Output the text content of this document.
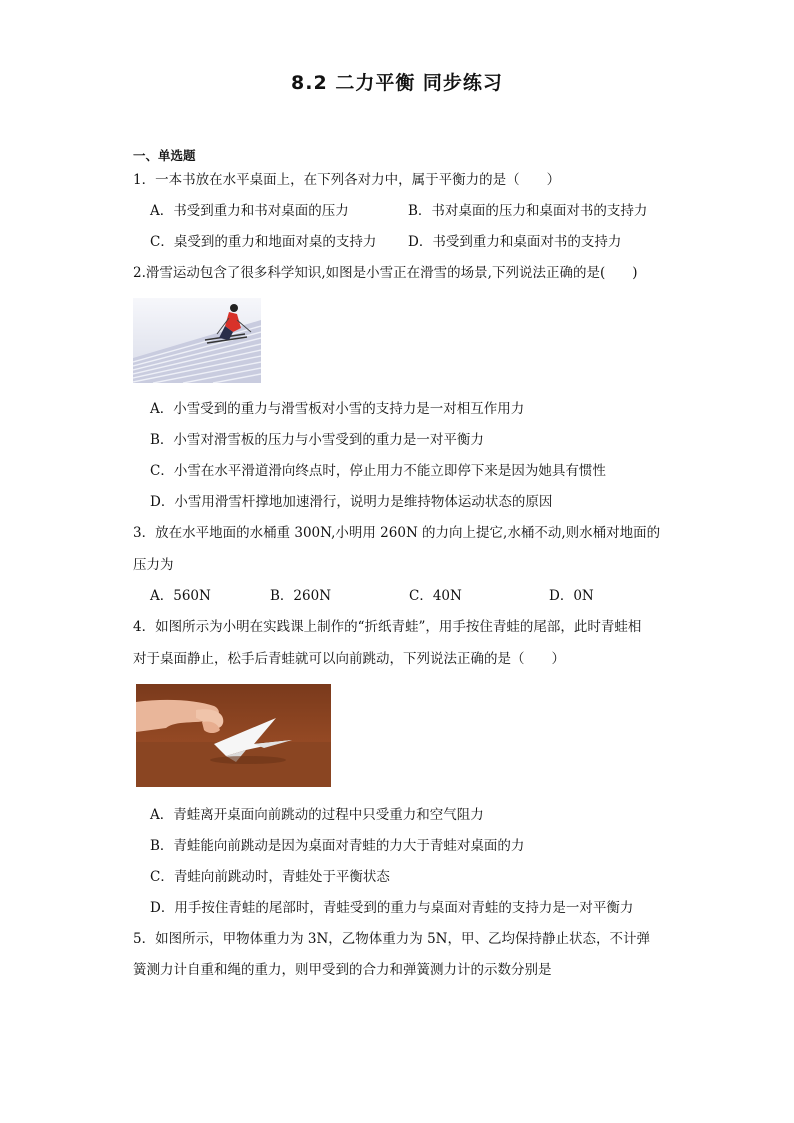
8.2 二力平衡 同步练习
一、单选题
1．一本书放在水平桌面上，在下列各对力中，属于平衡力的是（　　）
A．书受到重力和书对桌面的压力	B．书对桌面的压力和桌面对书的支持力
C．桌受到的重力和地面对桌的支持力 D．书受到重力和桌面对书的支持力
2.滑雪运动包含了很多科学知识,如图是小雪正在滑雪的场景,下列说法正确的是(　　)
A．小雪受到的重力与滑雪板对小雪的支持力是一对相互作用力
B．小雪对滑雪板的压力与小雪受到的重力是一对平衡力
C．小雪在水平滑道滑向终点时，停止用力不能立即停下来是因为她具有惯性
D．小雪用滑雪杆撑地加速滑行，说明力是维持物体运动状态的原因
3．放在水平地面的水桶重 300N,小明用 260N 的力向上提它,水桶不动,则水桶对地面的
压力为
A．560N	B．260N	C．40N	D．0N
4．如图所示为小明在实践课上制作的“折纸青蛙”，用手按住青蛙的尾部，此时青蛙相
对于桌面静止，松手后青蛙就可以向前跳动，下列说法正确的是（　　）
A．青蛙离开桌面向前跳动的过程中只受重力和空气阻力
B．青蛙能向前跳动是因为桌面对青蛙的力大于青蛙对桌面的力
C．青蛙向前跳动时，青蛙处于平衡状态
D．用手按住青蛙的尾部时，青蛙受到的重力与桌面对青蛙的支持力是一对平衡力
5．如图所示，甲物体重力为 3N，乙物体重力为 5N，甲、乙均保持静止状态，不计弹
簧测力计自重和绳的重力，则甲受到的合力和弹簧测力计的示数分别是
